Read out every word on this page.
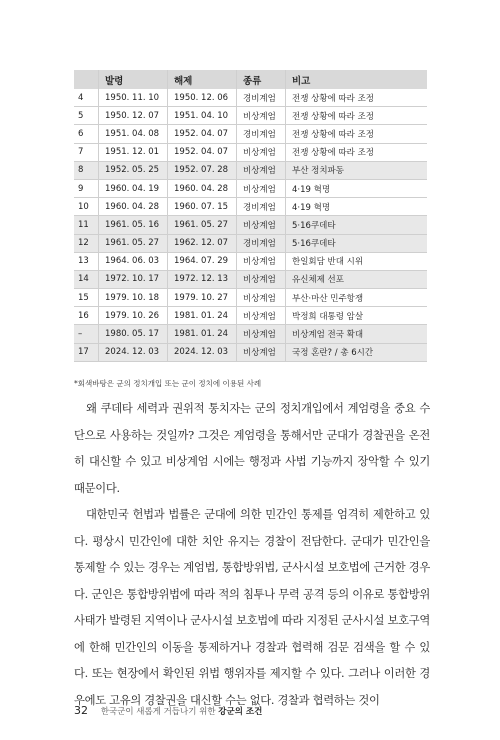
	발령	해제	종류	비고
4	1950. 11. 10	1950. 12. 06	경비계엄	전쟁 상황에 따라 조정
5	1950. 12. 07	1951. 04. 10	비상계엄	전쟁 상황에 따라 조정
6	1951. 04. 08	1952. 04. 07	경비계엄	전쟁 상황에 따라 조정
7	1951. 12. 01	1952. 04. 07	비상계엄	전쟁 상황에 따라 조정
8	1952. 05. 25	1952. 07. 28	비상계엄	부산 정치파동
9	1960. 04. 19	1960. 04. 28	비상계엄	4·19 혁명
10	1960. 04. 28	1960. 07. 15	경비계엄	4·19 혁명
11	1961. 05. 16	1961. 05. 27	비상계엄	5·16쿠데타
12	1961. 05. 27	1962. 12. 07	경비계엄	5·16쿠데타
13	1964. 06. 03	1964. 07. 29	비상계엄	한일회담 반대 시위
14	1972. 10. 17	1972. 12. 13	비상계엄	유신체제 선포
15	1979. 10. 18	1979. 10. 27	비상계엄	부산·마산 민주항쟁
16	1979. 10. 26	1981. 01. 24	비상계엄	박정희 대통령 암살
–	1980. 05. 17	1981. 01. 24	비상계엄	비상계엄 전국 확대
17	2024. 12. 03	2024. 12. 03	비상계엄	국정 혼란? / 총 6시간
*회색바탕은 군의 정치개입 또는 군이 정치에 이용된 사례

왜 쿠데타 세력과 권위적 통치자는 군의 정치개입에서 계엄령을 중요 수단으로 사용하는 것일까? 그것은 계엄령을 통해서만 군대가 경찰권을 온전히 대신할 수 있고 비상계엄 시에는 행정과 사법 기능까지 장악할 수 있기 때문이다.

대한민국 헌법과 법률은 군대에 의한 민간인 통제를 엄격히 제한하고 있다. 평상시 민간인에 대한 치안 유지는 경찰이 전담한다. 군대가 민간인을 통제할 수 있는 경우는 계엄법, 통합방위법, 군사시설 보호법에 근거한 경우다. 군인은 통합방위법에 따라 적의 침투나 무력 공격 등의 이유로 통합방위사태가 발령된 지역이나 군사시설 보호법에 따라 지정된 군사시설 보호구역에 한해 민간인의 이동을 통제하거나 경찰과 협력해 검문 검색을 할 수 있다. 또는 현장에서 확인된 위법 행위자를 제지할 수 있다. 그러나 이러한 경우에도 고유의 경찰권을 대신할 수는 없다. 경찰과 협력하는 것이

32 한국군이 새롭게 거듭나기 위한 강군의 조건
